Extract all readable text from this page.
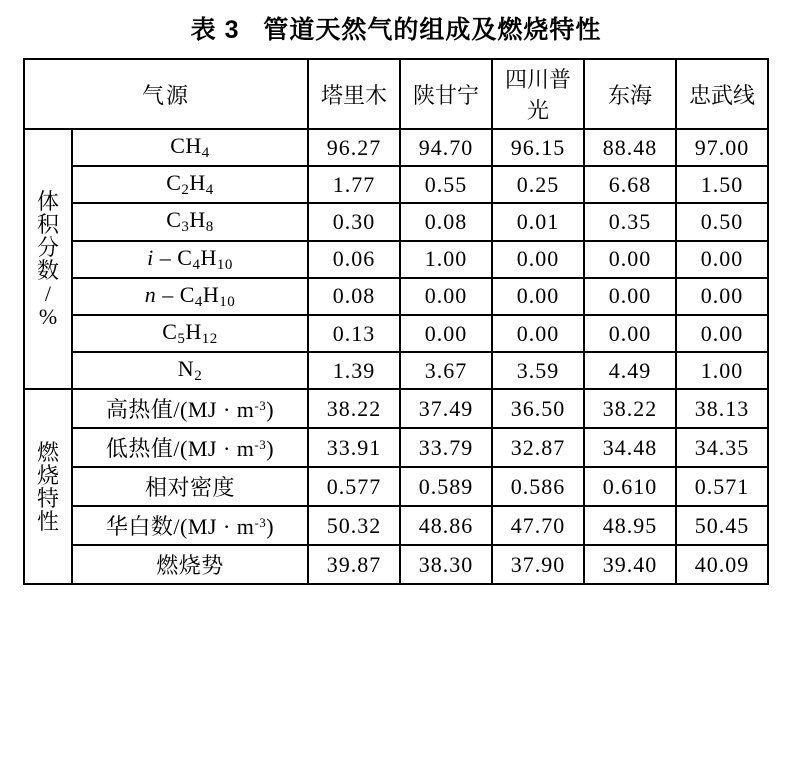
表 3   管道天然气的组成及燃烧特性
气源		塔里木	陕甘宁	四川普光	东海	忠武线

体
积
分
数
/
%
	$CH_4$	96.27	94.70	96.15	88.48	97.00
	$C_2H_4$	1.77	0.55	0.25	6.68	1.50
	$C_3H_8$	0.30	0.08	0.01	0.35	0.50
	i – $C_4H_{10}$	0.06	1.00	0.00	0.00	0.00
	n – $C_4H_{10}$	0.08	0.00	0.00	0.00	0.00
	$C_5H_{12}$	0.13	0.00	0.00	0.00	0.00
	$N_2$	1.39	3.67	3.59	4.49	1.00

燃
烧
特
性	高热值$/(MJ \cdot m^{-3})$	38.22	37.49	36.50	38.22	38.13
	低热值$/(MJ \cdot m^{-3})$	33.91	33.79	32.87	34.48	34.35
	相对密度	0.577	0.589	0.586	0.610	0.571
	华白数$/(MJ \cdot m^{-3})$	50.32	48.86	47.70	48.95	50.45
	燃烧势	39.87	38.30	37.90	39.40	40.09
